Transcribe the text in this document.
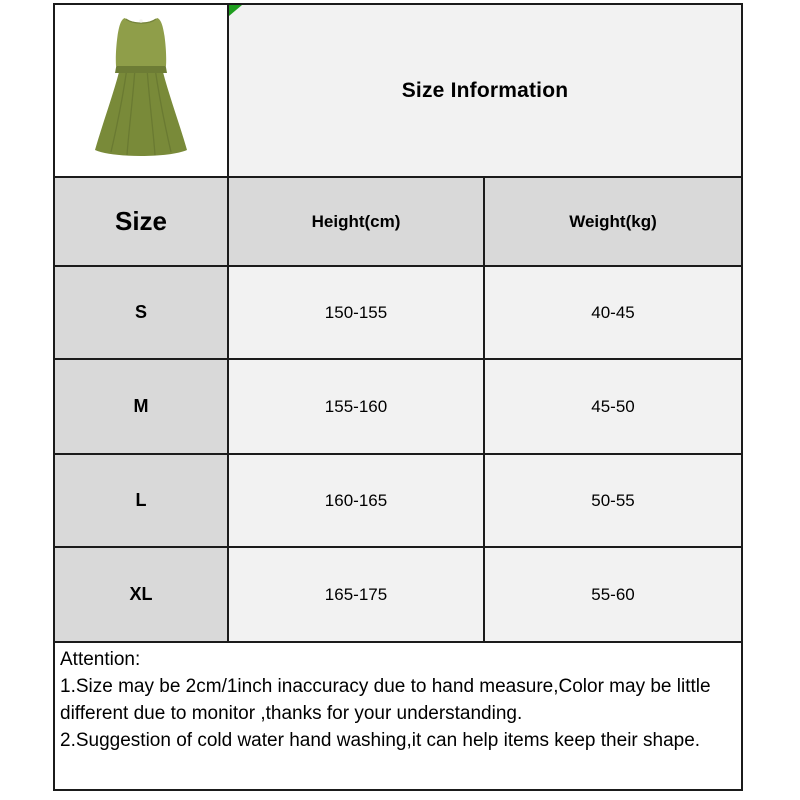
Size Information
Size	Height(cm)	Weight(kg)
S	150-155	40-45
M	155-160	45-50
L	160-165	50-55
XL	165-175	55-60

Attention:

1.Size may be 2cm/1inch inaccuracy due to hand measure,Color may be little different due to monitor ,thanks for your understanding.

2.Suggestion of cold water hand washing,it can help items keep their shape.
